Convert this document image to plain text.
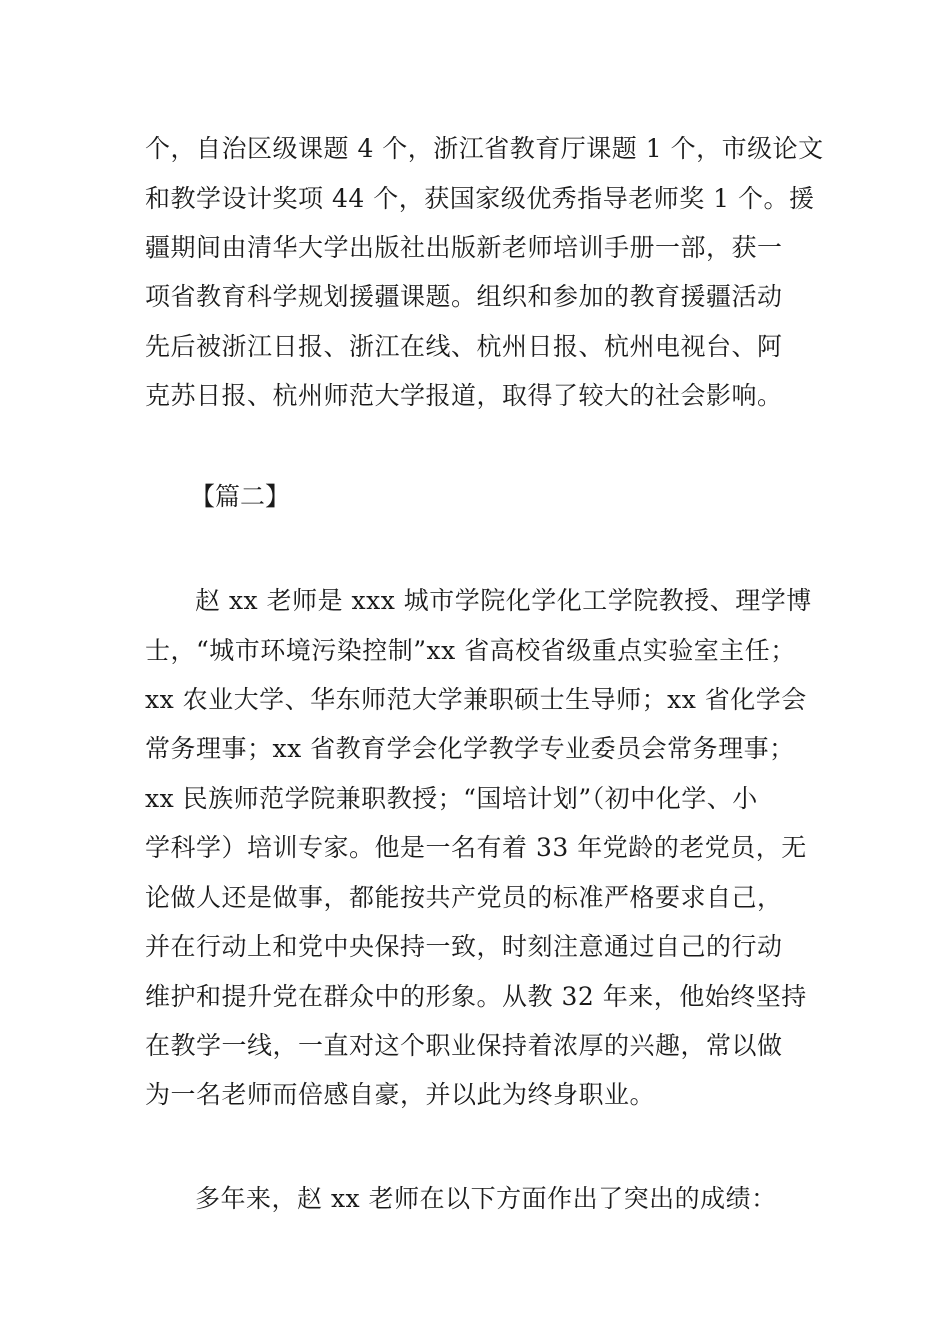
个，自治区级课题 4 个，浙江省教育厅课题 1 个，市级论文
和教学设计奖项 44 个，获国家级优秀指导老师奖 1 个。援
疆期间由清华大学出版社出版新老师培训手册一部，获一
项省教育科学规划援疆课题。组织和参加的教育援疆活动
先后被浙江日报、浙江在线、杭州日报、杭州电视台、阿
克苏日报、杭州师范大学报道，取得了较大的社会影响。
【篇二】
赵 xx 老师是 xxx 城市学院化学化工学院教授、理学博
士，“城市环境污染控制”xx 省高校省级重点实验室主任；
xx 农业大学、华东师范大学兼职硕士生导师；xx 省化学会
常务理事；xx 省教育学会化学教学专业委员会常务理事；
xx 民族师范学院兼职教授；“国培计划”（初中化学、小
学科学）培训专家。他是一名有着 33 年党龄的老党员，无
论做人还是做事，都能按共产党员的标准严格要求自己，
并在行动上和党中央保持一致，时刻注意通过自己的行动
维护和提升党在群众中的形象。从教 32 年来，他始终坚持
在教学一线，一直对这个职业保持着浓厚的兴趣，常以做
为一名老师而倍感自豪，并以此为终身职业。
多年来，赵 xx 老师在以下方面作出了突出的成绩：
